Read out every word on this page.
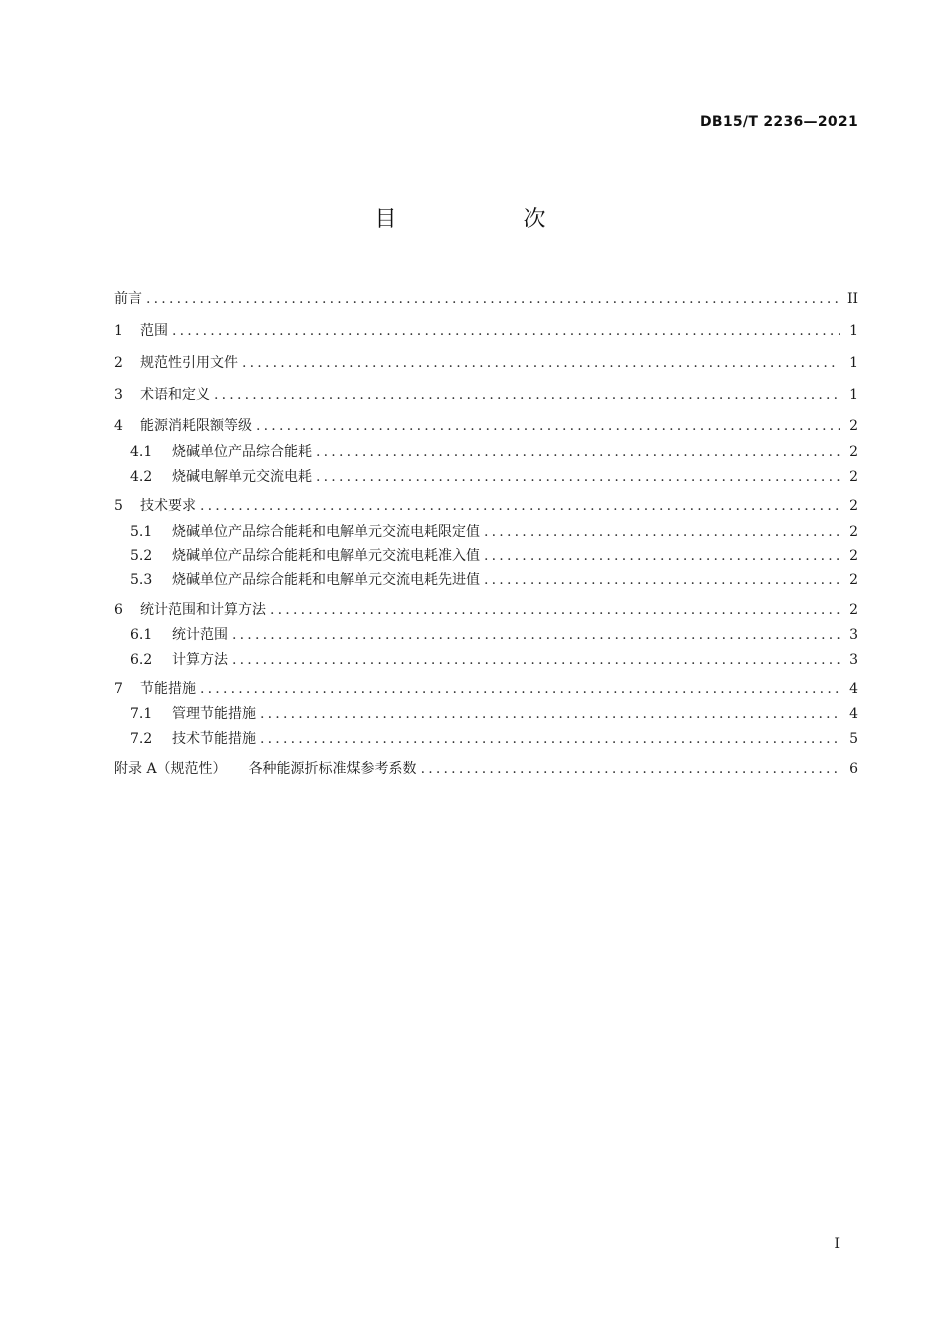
DB15/T 2236—2021
目 次
前言 .....	II
1 范围 .....	1
2 规范性引用文件 .....	1
3 术语和定义 .....	1
4 能源消耗限额等级 .....	2
4.1 烧碱单位产品综合能耗 .....	2
4.2 烧碱电解单元交流电耗 .....	2
5 技术要求 .....	2
5.1 烧碱单位产品综合能耗和电解单元交流电耗限定值 .....	2
5.2 烧碱单位产品综合能耗和电解单元交流电耗准入值 .....	2
5.3 烧碱单位产品综合能耗和电解单元交流电耗先进值 .....	2
6 统计范围和计算方法 .....	2
6.1 统计范围 .....	3
6.2 计算方法 .....	3
7 节能措施 .....	4
7.1 管理节能措施 .....	4
7.2 技术节能措施 .....	5
附录 A（规范性） 各种能源折标准煤参考系数 .....	6
I
